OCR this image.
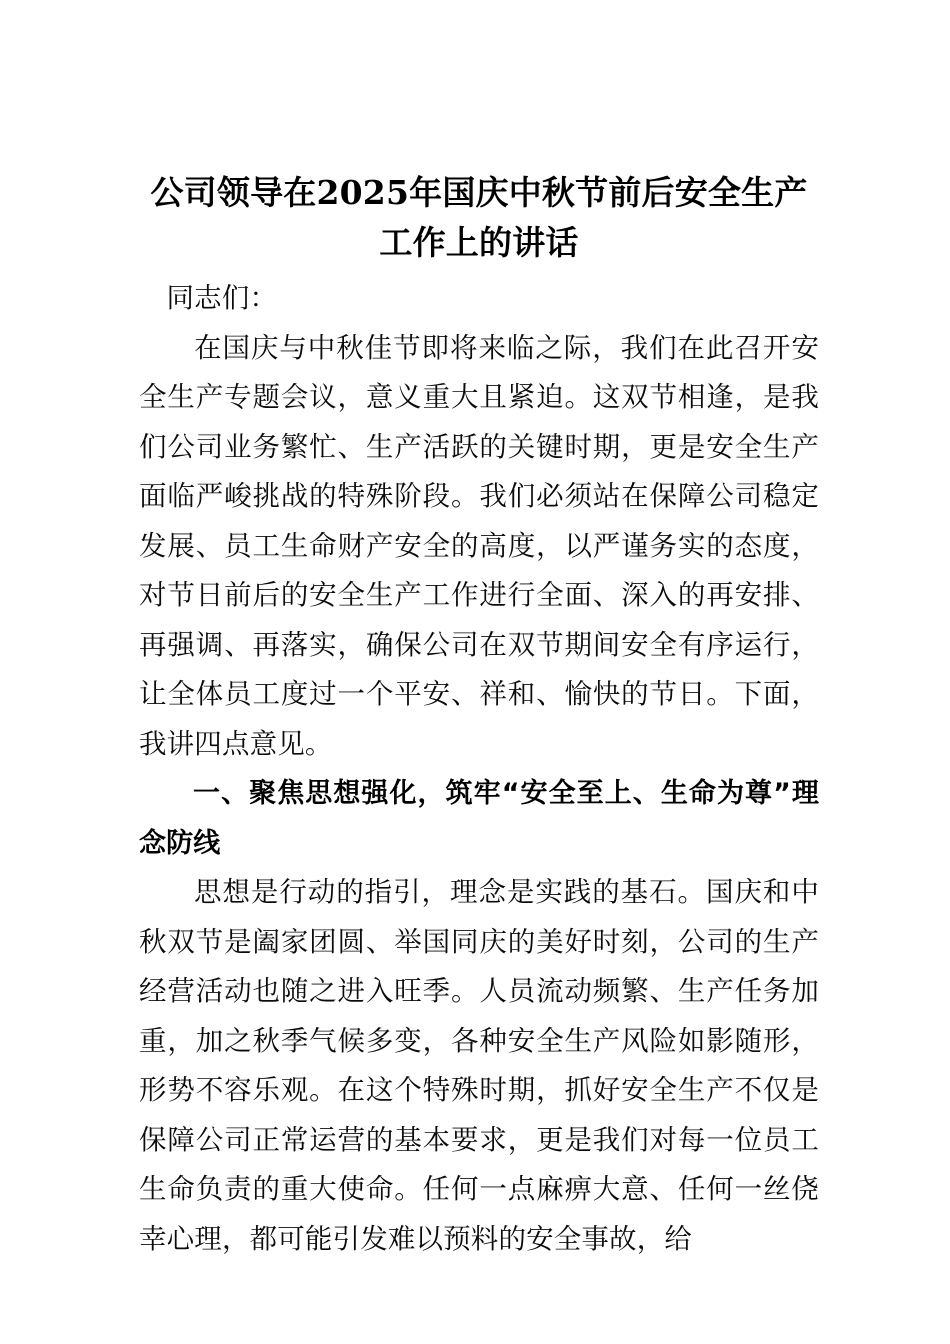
公司领导在2025年国庆中秋节前后安全生产
工作上的讲话

同志们：

在国庆与中秋佳节即将来临之际，我们在此召开安全生产专题会议，意义重大且紧迫。这双节相逢，是我们公司业务繁忙、生产活跃的关键时期，更是安全生产面临严峻挑战的特殊阶段。我们必须站在保障公司稳定发展、员工生命财产安全的高度，以严谨务实的态度，对节日前后的安全生产工作进行全面、深入的再安排、再强调、再落实，确保公司在双节期间安全有序运行，让全体员工度过一个平安、祥和、愉快的节日。下面，我讲四点意见。

一、聚焦思想强化，筑牢“安全至上、生命为尊”理念防线

思想是行动的指引，理念是实践的基石。国庆和中秋双节是阖家团圆、举国同庆的美好时刻，公司的生产经营活动也随之进入旺季。人员流动频繁、生产任务加重，加之秋季气候多变，各种安全生产风险如影随形，形势不容乐观。在这个特殊时期，抓好安全生产不仅是保障公司正常运营的基本要求，更是我们对每一位员工生命负责的重大使命。任何一点麻痹大意、任何一丝侥幸心理，都可能引发难以预料的安全事故，给
